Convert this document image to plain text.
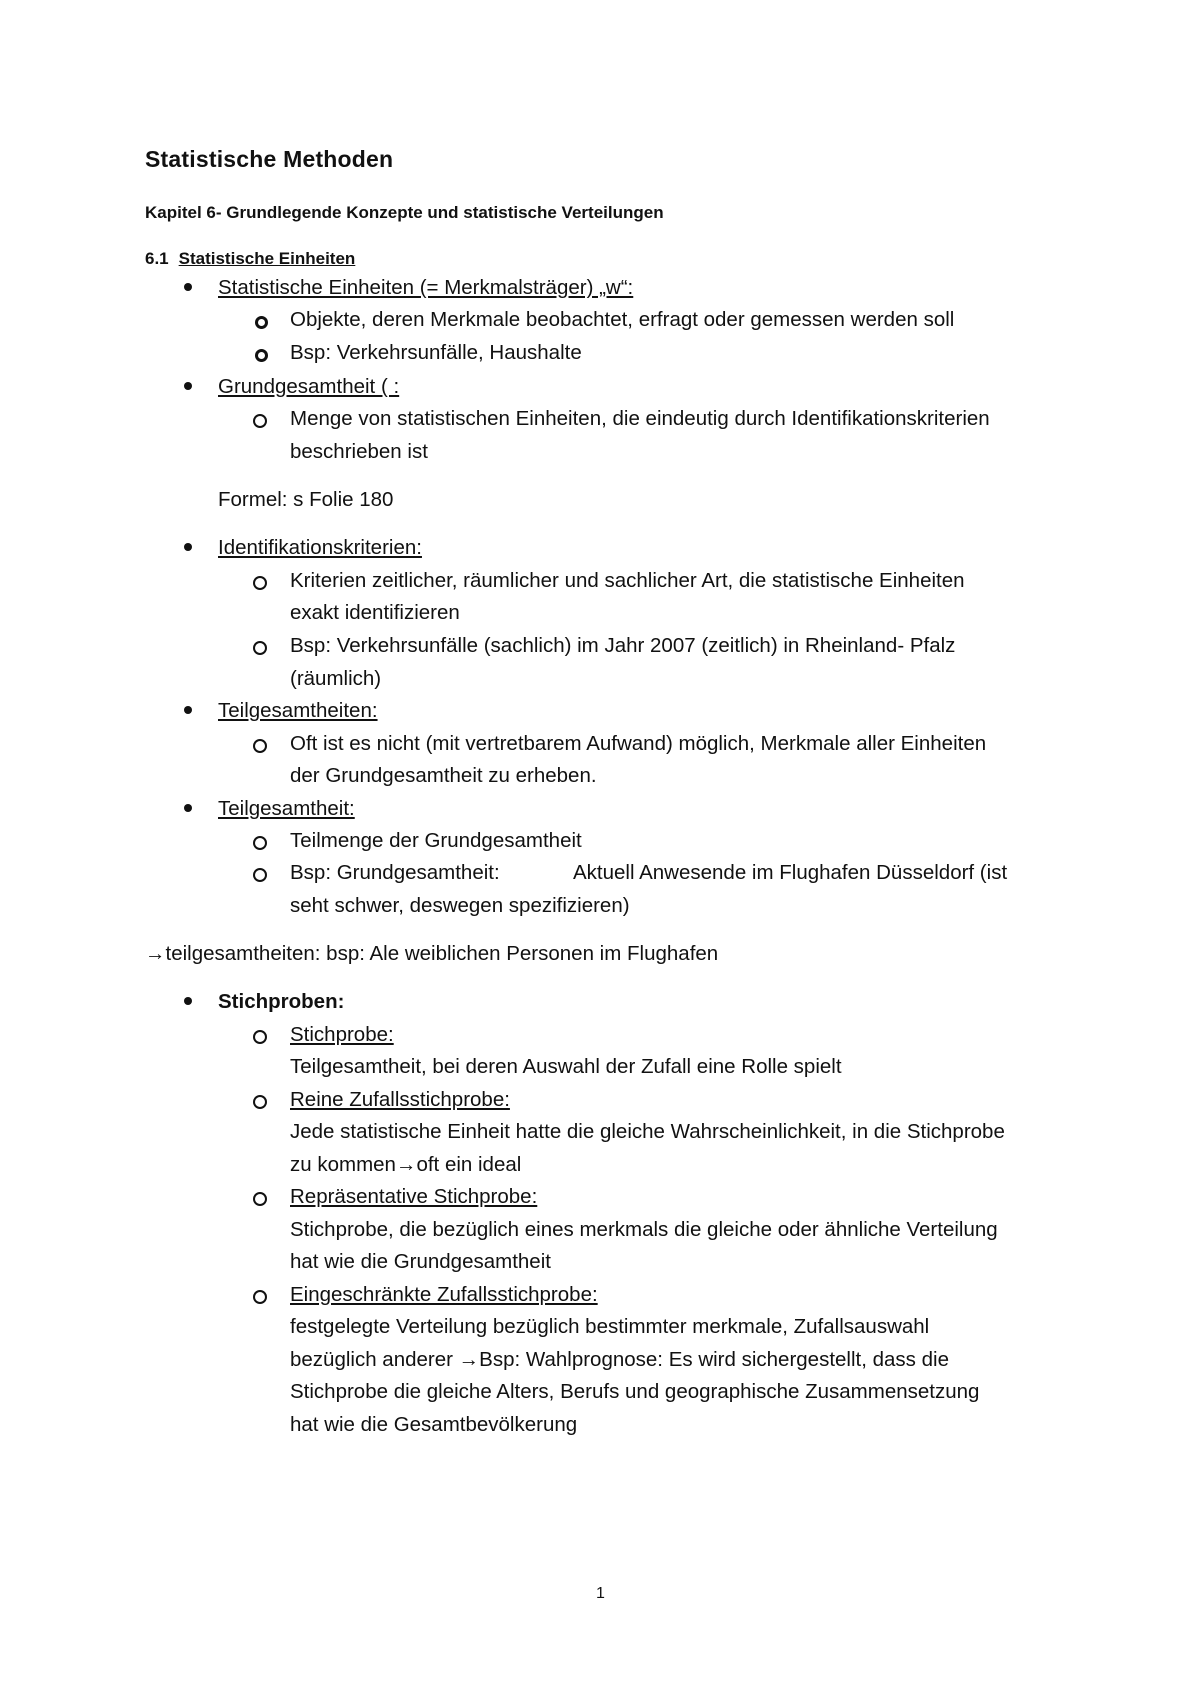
Statistische Methoden
Kapitel 6- Grundlegende Konzepte und statistische Verteilungen
6.1 Statistische Einheiten
Statistische Einheiten (= Merkmalsträger) „w“:
Objekte, deren Merkmale beobachtet, erfragt oder gemessen werden soll
Bsp: Verkehrsunfälle, Haushalte
Grundgesamtheit ( :
Menge von statistischen Einheiten, die eindeutig durch Identifikationskriterien
beschrieben ist
Formel: s Folie 180
Identifikationskriterien:
Kriterien zeitlicher, räumlicher und sachlicher Art, die statistische Einheiten
exakt identifizieren
Bsp: Verkehrsunfälle (sachlich) im Jahr 2007 (zeitlich) in Rheinland- Pfalz
(räumlich)
Teilgesamtheiten:
Oft ist es nicht (mit vertretbarem Aufwand) möglich, Merkmale aller Einheiten
der Grundgesamtheit zu erheben.
Teilgesamtheit:
Teilmenge der Grundgesamtheit
Bsp: Grundgesamtheit:	Aktuell Anwesende im Flughafen Düsseldorf (ist
seht schwer, deswegen spezifizieren)
→teilgesamtheiten: bsp: Ale weiblichen Personen im Flughafen
Stichproben:
Stichprobe:
Teilgesamtheit, bei deren Auswahl der Zufall eine Rolle spielt
Reine Zufallsstichprobe:
Jede statistische Einheit hatte die gleiche Wahrscheinlichkeit, in die Stichprobe
zu kommen→oft ein ideal
Repräsentative Stichprobe:
Stichprobe, die bezüglich eines merkmals die gleiche oder ähnliche Verteilung
hat wie die Grundgesamtheit
Eingeschränkte Zufallsstichprobe:
festgelegte Verteilung bezüglich bestimmter merkmale, Zufallsauswahl
bezüglich anderer →Bsp: Wahlprognose: Es wird sichergestellt, dass die
Stichprobe die gleiche Alters, Berufs und geographische Zusammensetzung
hat wie die Gesamtbevölkerung
1
